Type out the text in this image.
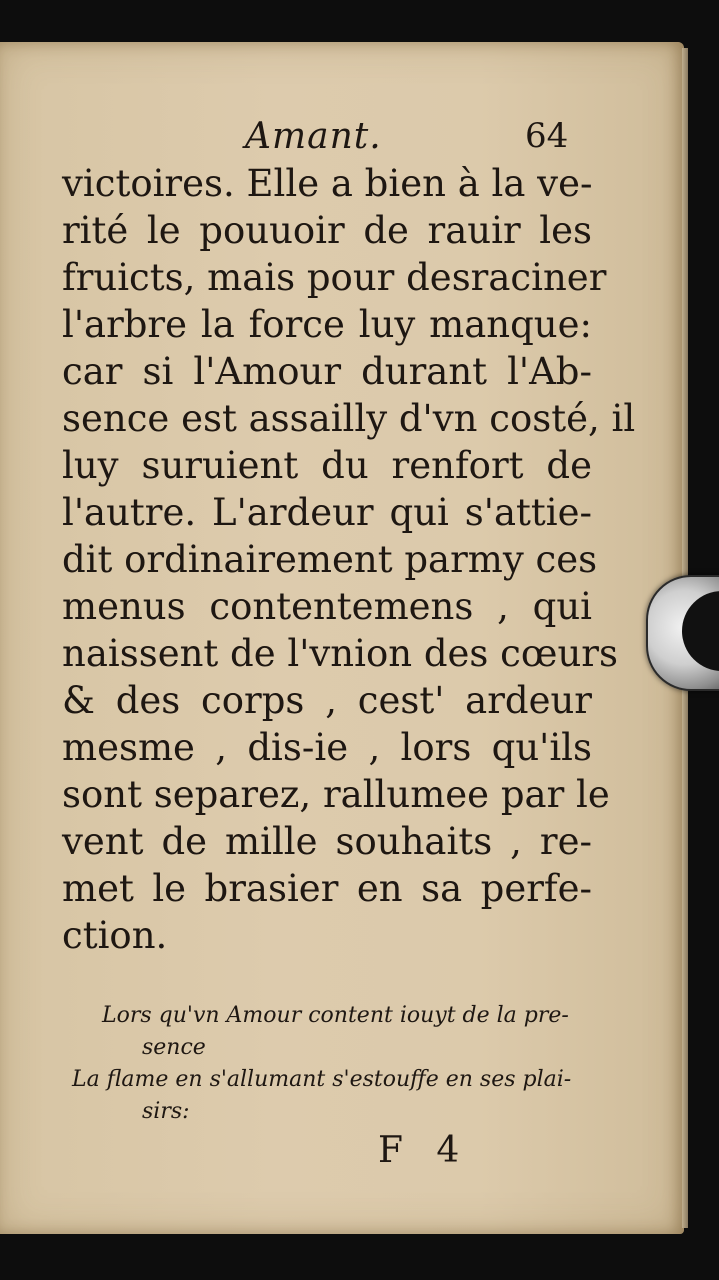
Amant.	64
victoires. Elle a bien à la ve-
rité le pouuoir de rauir les
fruicts, mais pour desraciner
l'arbre la force luy manque:
car si l'Amour durant l'Ab-
sence est assailly d'vn costé, il
luy suruient du renfort de
l'autre. L'ardeur qui s'attie-
dit ordinairement parmy ces
menus contentemens , qui
naissent de l'vnion des cœurs
& des corps , cest' ardeur
mesme , dis-ie , lors qu'ils
sont separez, rallumee par le
vent de mille souhaits , re-
met le brasier en sa perfe-
ction.
Lors qu'vn Amour content iouyt de la pre-
sence
La flame en s'allumant s'estouffe en ses plai-
sirs:
F 4
